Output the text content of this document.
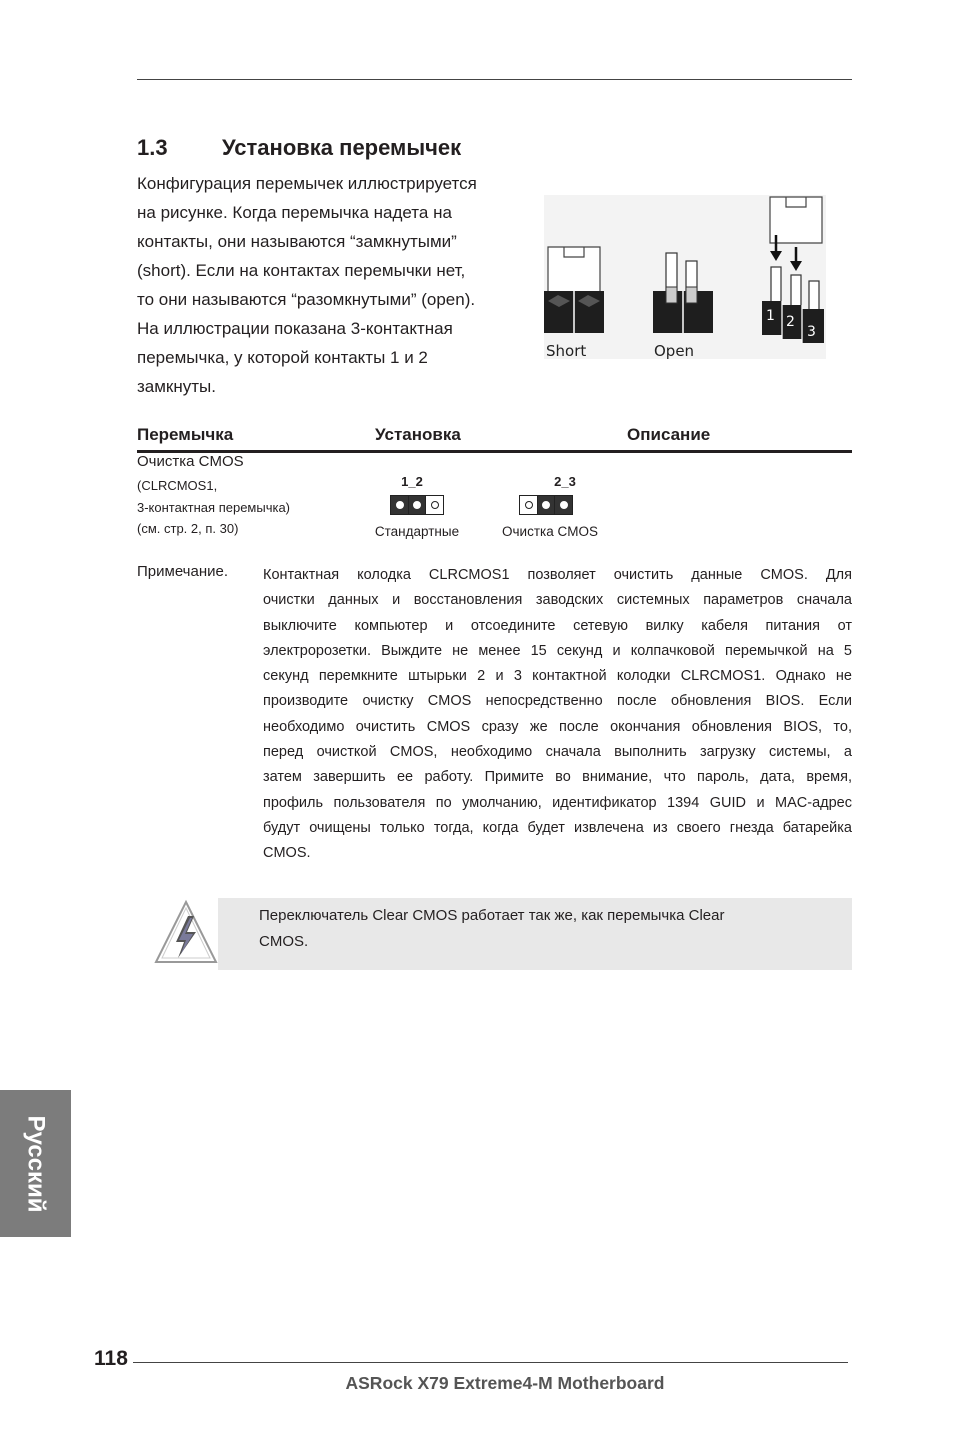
1.3 Установка перемычек
Конфигурация перемычек иллюстрируется
на рисунке. Когда перемычка надета на
контакты, они называются “замкнутыми”
(short). Если на контактах перемычки нет,
то они называются “разомкнутыми” (open).
На иллюстрации показана 3-контактная
перемычка, у которой контакты 1 и 2
замкнуты.
Short	Open
1 2
3
Перемычка	Установка	Описание
Очистка CMOS
(CLRCMOS1,
3-контактная перемычка)
(см. стр. 2, п. 30)
1_2
Стандартные
2_3
Очистка CMOS
Примечание. Контактная колодка CLRCMOS1 позволяет очистить данные CMOS. Для
очистки данных и восстановления заводских системных параметров сначала
выключите компьютер и отсоедините сетевую вилку кабеля питания от
электророзетки. Выждите не менее 15 секунд и колпачковой перемычкой на 5
секунд перемкните штырьки 2 и 3 контактной колодки CLRCMOS1. Однако не
производите очистку CMOS непосредственно после обновления BIOS. Если
необходимо очистить CMOS сразу же после окончания обновления BIOS, то,
перед очисткой CMOS, необходимо сначала выполнить загрузку системы, а
затем завершить ее работу. Примите во внимание, что пароль, дата, время,
профиль пользователя по умолчанию, идентификатор 1394 GUID и MAC-адрес
будут очищены только тогда, когда будет извлечена из своего гнезда батарейка
CMOS.
Переключатель Clear CMOS работает так же, как перемычка Clear
CMOS.
Русский
118
ASRock X79 Extreme4-M Motherboard
